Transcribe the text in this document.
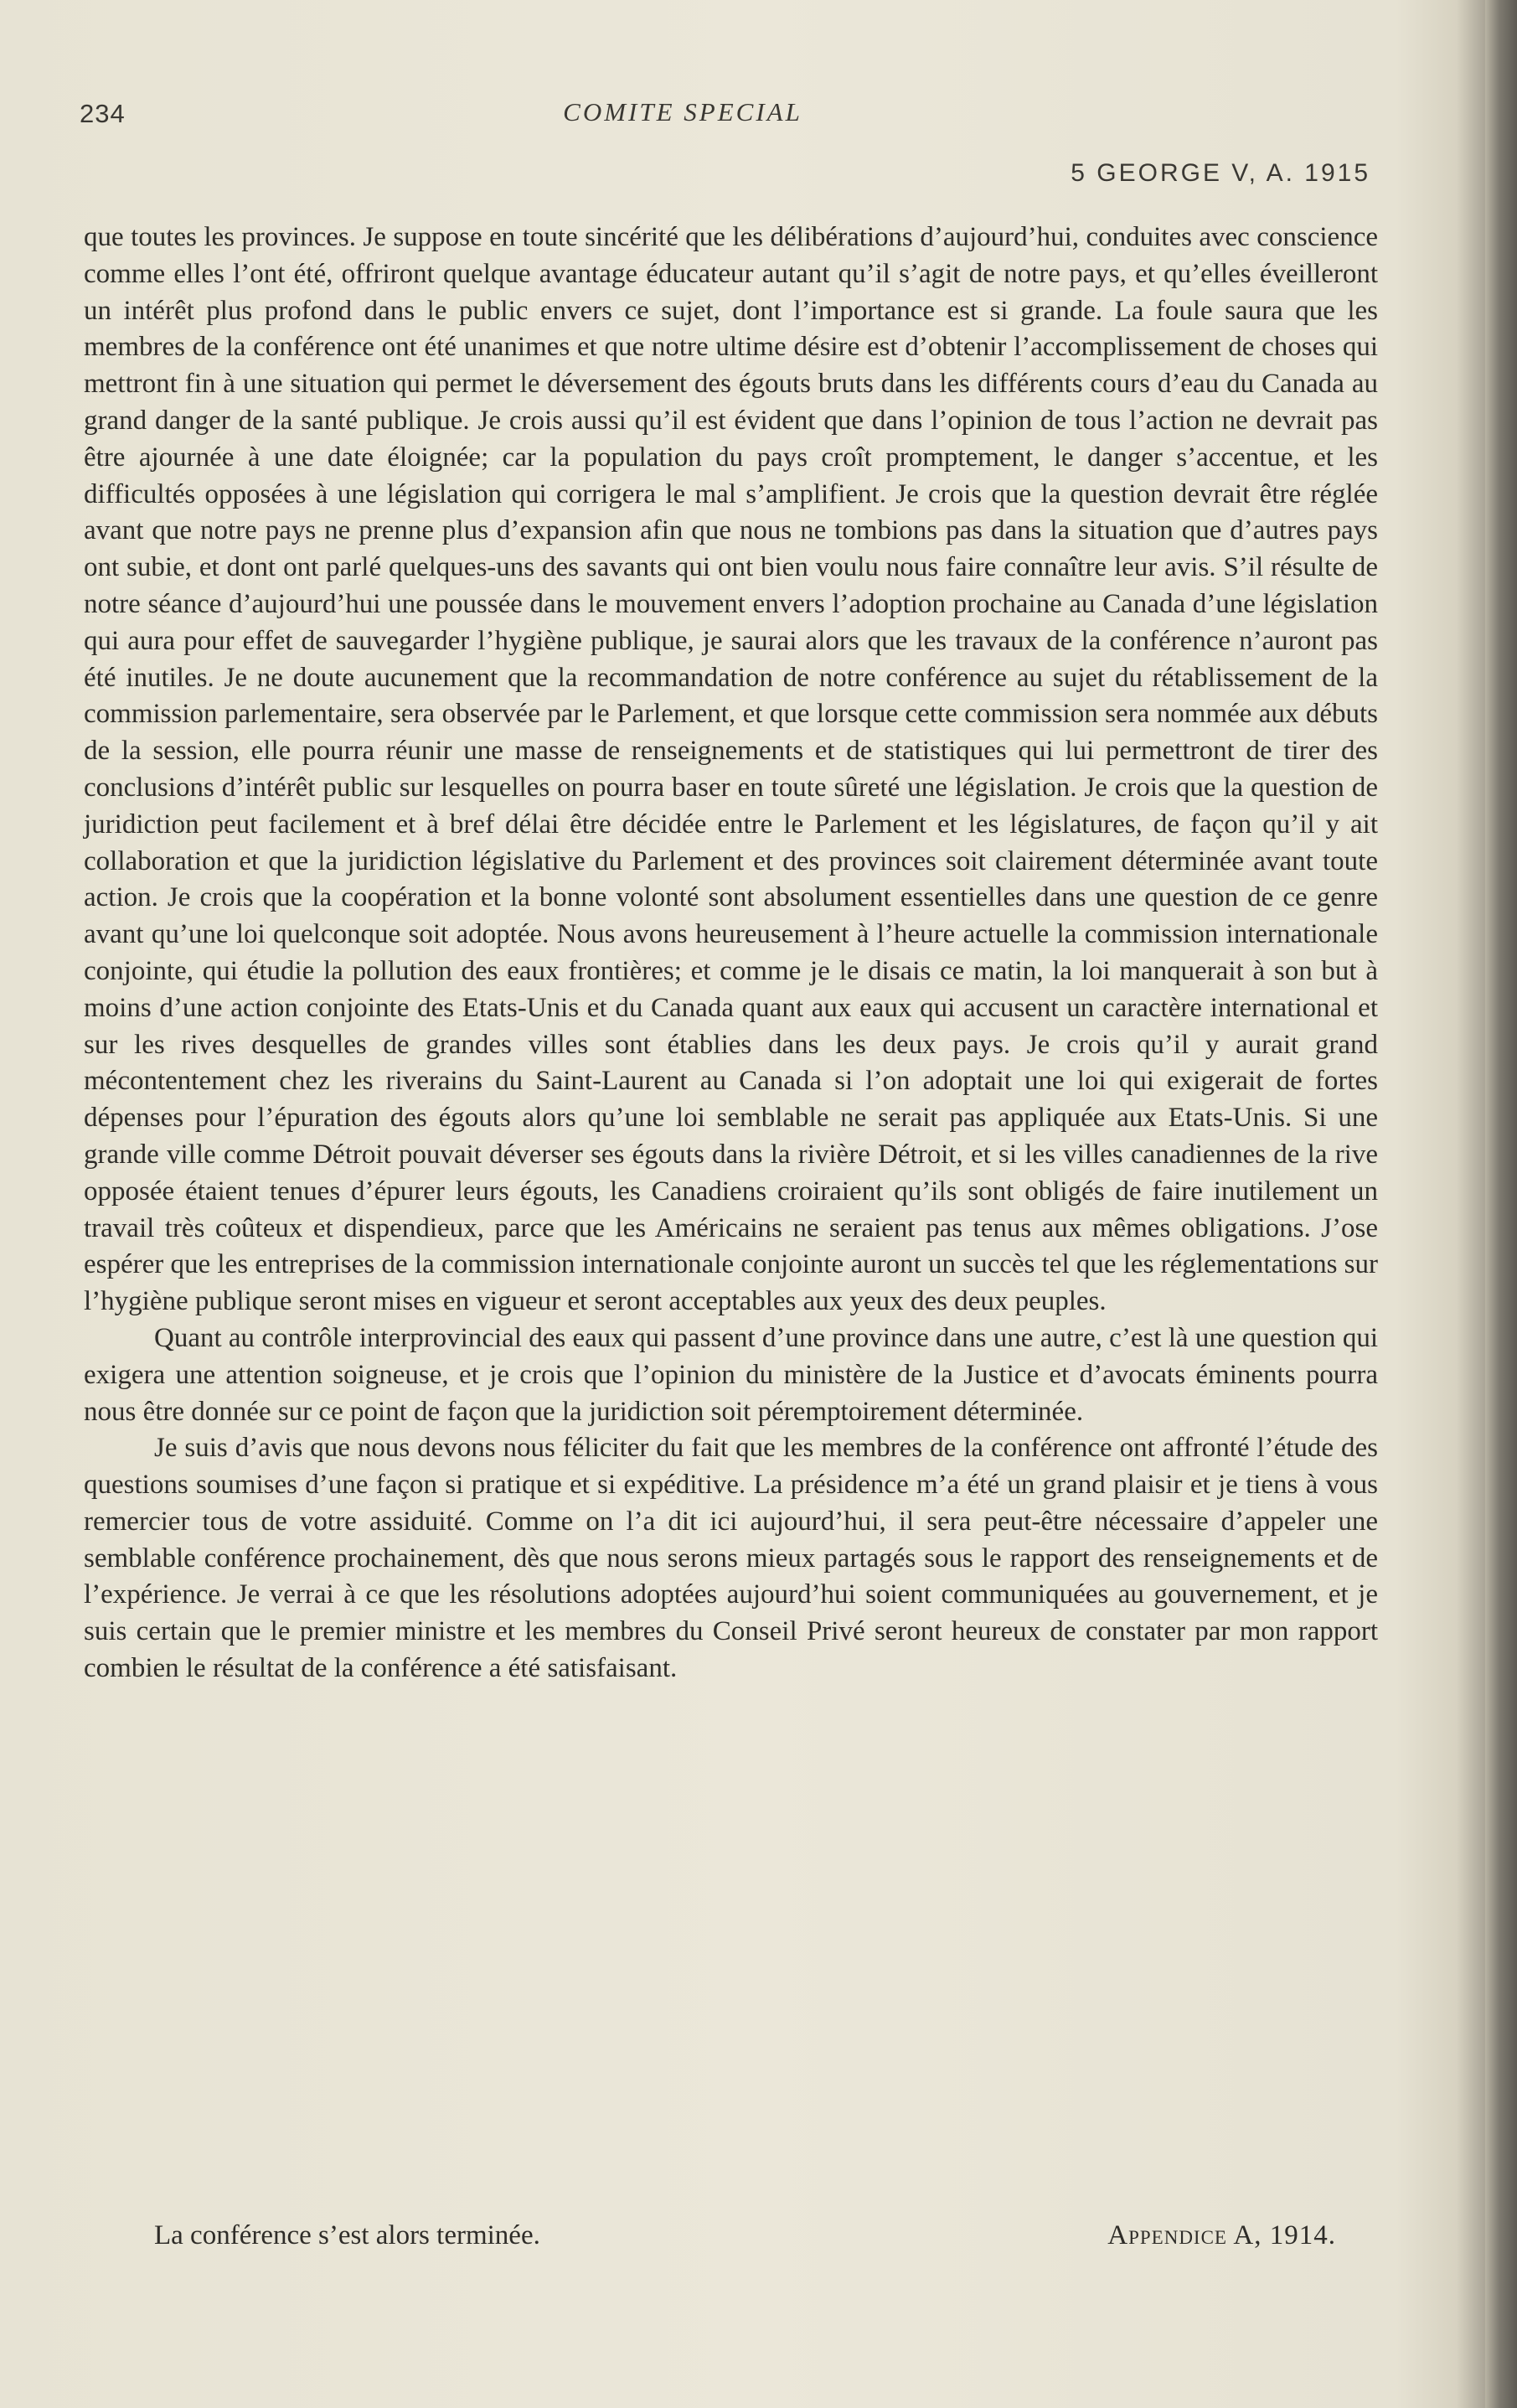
234	COMITE SPECIAL
5 GEORGE V, A. 1915

que toutes les provinces. Je suppose en toute sincérité que les délibérations d’aujourd’hui, conduites avec conscience comme elles l’ont été, offriront quelque avantage éducateur autant qu’il s’agit de notre pays, et qu’elles éveilleront un intérêt plus profond dans le public envers ce sujet, dont l’importance est si grande. La foule saura que les membres de la conférence ont été unanimes et que notre ultime désire est d’obtenir l’accomplissement de choses qui mettront fin à une situation qui permet le déversement des égouts bruts dans les différents cours d’eau du Canada au grand danger de la santé publique. Je crois aussi qu’il est évident que dans l’opinion de tous l’action ne devrait pas être ajournée à une date éloignée; car la population du pays croît promptement, le danger s’accentue, et les difficultés opposées à une législation qui corrigera le mal s’amplifient. Je crois que la question devrait être réglée avant que notre pays ne prenne plus d’expansion afin que nous ne tombions pas dans la situation que d’autres pays ont subie, et dont ont parlé quelques-uns des savants qui ont bien voulu nous faire connaître leur avis. S’il résulte de notre séance d’aujourd’hui une poussée dans le mouvement envers l’adoption prochaine au Canada d’une législation qui aura pour effet de sauvegarder l’hygiène publique, je saurai alors que les travaux de la conférence n’auront pas été inutiles. Je ne doute aucunement que la recommandation de notre conférence au sujet du rétablissement de la commission parlementaire, sera observée par le Parlement, et que lorsque cette commission sera nommée aux débuts de la session, elle pourra réunir une masse de renseignements et de statistiques qui lui permettront de tirer des conclusions d’intérêt public sur lesquelles on pourra baser en toute sûreté une législation. Je crois que la question de juridiction peut facilement et à bref délai être décidée entre le Parlement et les législatures, de façon qu’il y ait collaboration et que la juridiction législative du Parlement et des provinces soit clairement déterminée avant toute action. Je crois que la coopération et la bonne volonté sont absolument essentielles dans une question de ce genre avant qu’une loi quelconque soit adoptée. Nous avons heureusement à l’heure actuelle la commission internationale conjointe, qui étudie la pollution des eaux frontières; et comme je le disais ce matin, la loi manquerait à son but à moins d’une action conjointe des Etats-Unis et du Canada quant aux eaux qui accusent un caractère international et sur les rives desquelles de grandes villes sont établies dans les deux pays. Je crois qu’il y aurait grand mécontentement chez les riverains du Saint-Laurent au Canada si l’on adoptait une loi qui exigerait de fortes dépenses pour l’épuration des égouts alors qu’une loi semblable ne serait pas appliquée aux Etats-Unis. Si une grande ville comme Détroit pouvait déverser ses égouts dans la rivière Détroit, et si les villes canadiennes de la rive opposée étaient tenues d’épurer leurs égouts, les Canadiens croiraient qu’ils sont obligés de faire inutilement un travail très coûteux et dispendieux, parce que les Américains ne seraient pas tenus aux mêmes obligations. J’ose espérer que les entreprises de la commission internationale conjointe auront un succès tel que les réglementations sur l’hygiène publique seront mises en vigueur et seront acceptables aux yeux des deux peuples.

Quant au contrôle interprovincial des eaux qui passent d’une province dans une autre, c’est là une question qui exigera une attention soigneuse, et je crois que l’opinion du ministère de la Justice et d’avocats éminents pourra nous être donnée sur ce point de façon que la juridiction soit péremptoirement déterminée.

Je suis d’avis que nous devons nous féliciter du fait que les membres de la conférence ont affronté l’étude des questions soumises d’une façon si pratique et si expéditive. La présidence m’a été un grand plaisir et je tiens à vous remercier tous de votre assiduité. Comme on l’a dit ici aujourd’hui, il sera peut-être nécessaire d’appeler une semblable conférence prochainement, dès que nous serons mieux partagés sous le rapport des renseignements et de l’expérience. Je verrai à ce que les résolutions adoptées aujourd’hui soient communiquées au gouvernement, et je suis certain que le premier ministre et les membres du Conseil Privé seront heureux de constater par mon rapport combien le résultat de la conférence a été satisfaisant.

La conférence s’est alors terminée.	Appendice A, 1914.
